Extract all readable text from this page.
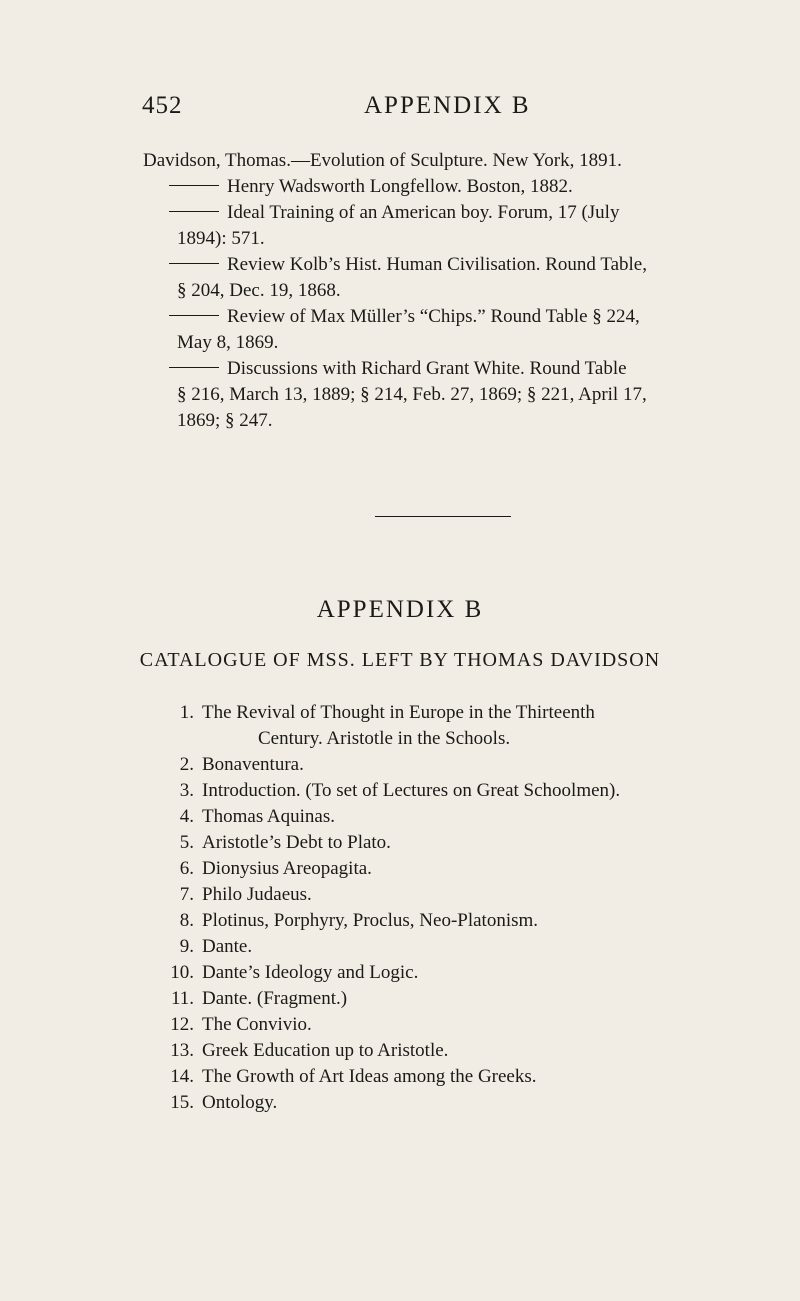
452	APPENDIX B
Davidson, Thomas.—Evolution of Sculpture. New York, 1891.
Henry Wadsworth Longfellow. Boston, 1882.
Ideal Training of an American boy. Forum, 17 (July
1894): 571.
Review Kolb’s Hist. Human Civilisation. Round Table,
§ 204, Dec. 19, 1868.
Review of Max Müller’s “Chips.” Round Table § 224,
May 8, 1869.
Discussions with Richard Grant White. Round Table
§ 216, March 13, 1889; § 214, Feb. 27, 1869; § 221, April 17,
1869; § 247.
APPENDIX B
CATALOGUE OF MSS. LEFT BY THOMAS DAVIDSON
1. The Revival of Thought in Europe in the Thirteenth
Century. Aristotle in the Schools.
2. Bonaventura.
3. Introduction. (To set of Lectures on Great Schoolmen).
4. Thomas Aquinas.
5. Aristotle’s Debt to Plato.
6. Dionysius Areopagita.
7. Philo Judaeus.
8. Plotinus, Porphyry, Proclus, Neo-Platonism.
9. Dante.
10. Dante’s Ideology and Logic.
11. Dante. (Fragment.)
12. The Convivio.
13. Greek Education up to Aristotle.
14. The Growth of Art Ideas among the Greeks.
15. Ontology.
